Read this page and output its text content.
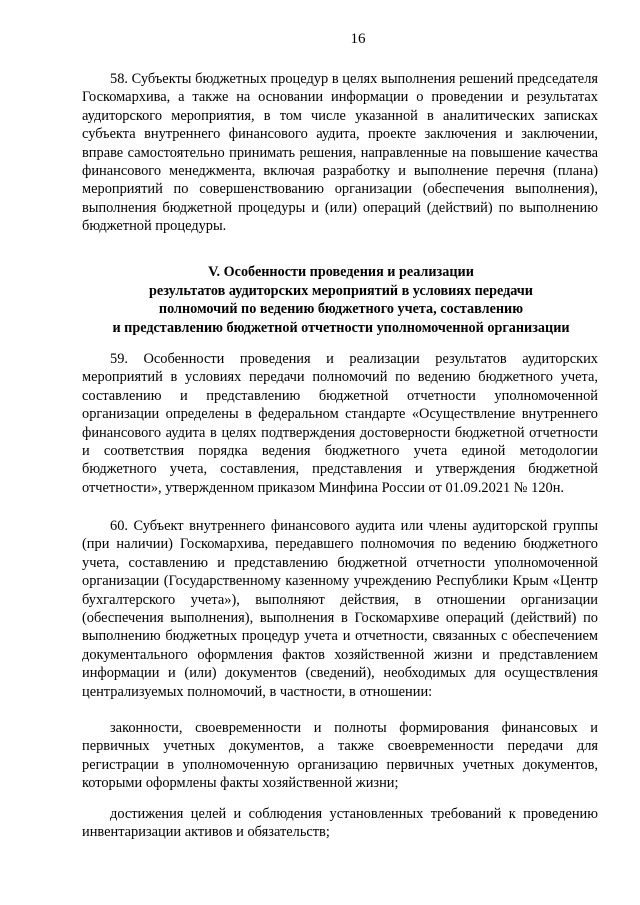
16
58. Субъекты бюджетных процедур в целях выполнения решений председателя Госкомархива, а также на основании информации о проведении и результатах аудиторского мероприятия, в том числе указанной в аналитических записках субъекта внутреннего финансового аудита, проекте заключения и заключении, вправе самостоятельно принимать решения, направленные на повышение качества финансового менеджмента, включая разработку и выполнение перечня (плана) мероприятий по совершенствованию организации (обеспечения выполнения), выполнения бюджетной процедуры и (или) операций (действий) по выполнению бюджетной процедуры.
V. Особенности проведения и реализации
результатов аудиторских мероприятий в условиях передачи
полномочий по ведению бюджетного учета, составлению
и представлению бюджетной отчетности уполномоченной организации
59. Особенности проведения и реализации результатов аудиторских мероприятий в условиях передачи полномочий по ведению бюджетного учета, составлению и представлению бюджетной отчетности уполномоченной организации определены в федеральном стандарте «Осуществление внутреннего финансового аудита в целях подтверждения достоверности бюджетной отчетности и соответствия порядка ведения бюджетного учета единой методологии бюджетного учета, составления, представления и утверждения бюджетной отчетности», утвержденном приказом Минфина России от 01.09.2021 № 120н.
60. Субъект внутреннего финансового аудита или члены аудиторской группы (при наличии) Госкомархива, передавшего полномочия по ведению бюджетного учета, составлению и представлению бюджетной отчетности уполномоченной организации (Государственному казенному учреждению Республики Крым «Центр бухгалтерского учета»), выполняют действия, в отношении организации (обеспечения выполнения), выполнения в Госкомархиве операций (действий) по выполнению бюджетных процедур учета и отчетности, связанных с обеспечением документального оформления фактов хозяйственной жизни и представлением информации и (или) документов (сведений), необходимых для осуществления централизуемых полномочий, в частности, в отношении:
законности, своевременности и полноты формирования финансовых и первичных учетных документов, а также своевременности передачи для регистрации в уполномоченную организацию первичных учетных документов, которыми оформлены факты хозяйственной жизни;
достижения целей и соблюдения установленных требований к проведению инвентаризации активов и обязательств;
